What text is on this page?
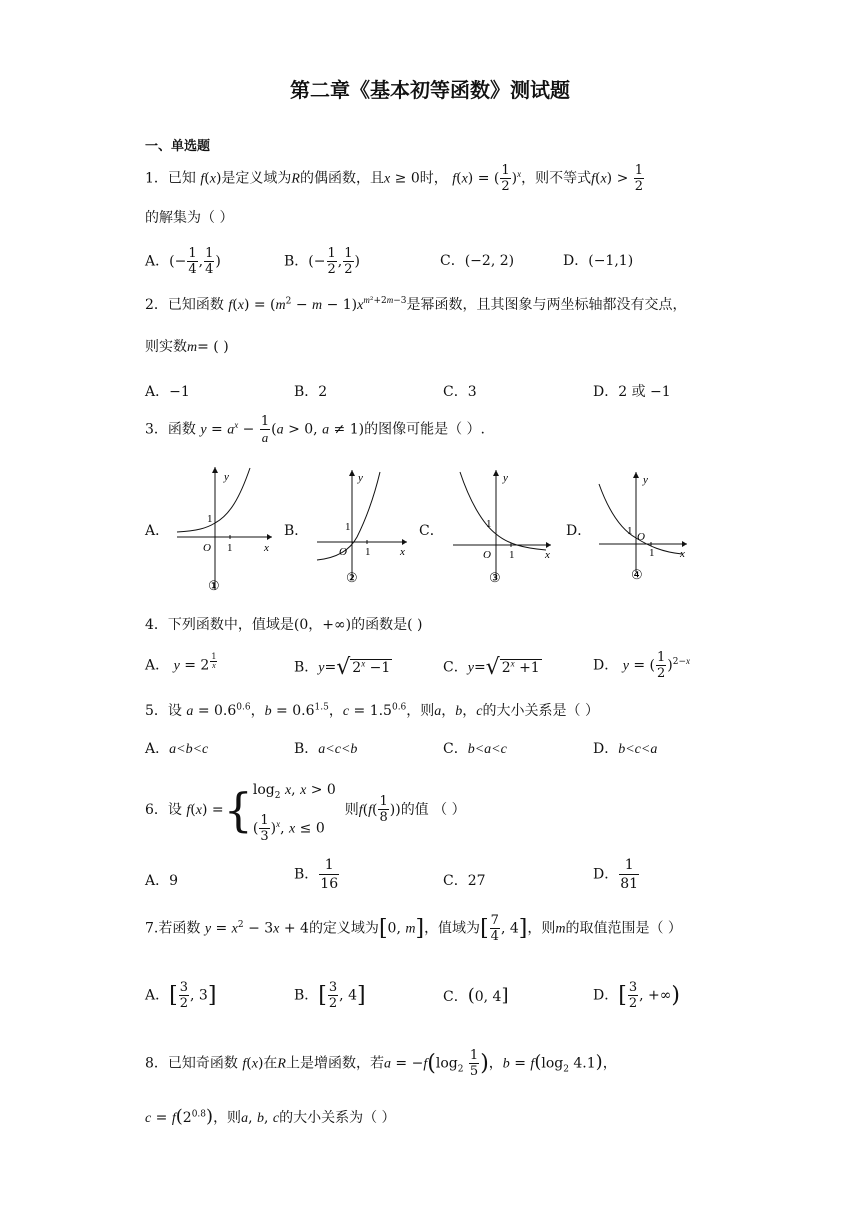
第二章《基本初等函数》测试题
一、单选题
1．已知 f(x)是定义域为R的偶函数，且x ≥ 0时， f(x) = ( $\frac{1}{2} )^x$，则不等式$f(x) > \frac{1}{2}$
的解集为（ ）
A．(− $\frac{1}{4}$ , $\frac{1}{4}$ )	B．(− $\frac{1}{2}$ , $\frac{1}{2}$ )	C．(−2, 2)	D．(−1,1)
2．已知函数 $f(x) = (m^2 - m - 1)x^{m^2+2m-3}$是幂函数，且其图象与两坐标轴都没有交点，
则实数m= ( )
A．−1	B．2	C．3	D．2 或 −1
3．函数 $y = a^x - \frac{1}{a} (a > 0$, a ≠ 1)的图像可能是（ ）.
A．	B．	C．	D．
y
x
O 1
1
①
y
x
O 1
1
②
y
x
O 1
1
③
y
x
O
1
1
④
4．下列函数中，值域是(0，+∞)的函数是( )
A． y = 2 $^{\frac{1}{x}}$	B．y=√ $2^x -1$	C．y=√ $2^x +1$	D． y = ( $\frac{1}{2} )^{2-x}$
5．设 $a = 0.6^{0.6}$，$b = 0.6^{1.5}$，$c = 1.5^{0.6}$，则a，b，c的大小关系是（ ）
A．a<b<c	B．a<c<b	C．b<a<c	D．b<c<a
6．设 $f(x) =\{\log_2$ x, x > 0
( $\frac{1}{3} )^x$, x ≤ 0  则$f(f( \frac{1}{8}$ ))的值 （ ）
A．9	B． $\frac{1}{16}$	C．27	D． $\frac{1}{81}$
7.若函数 $y = x^2 - 3x + 4$的定义域为[0, m]，值域为[ $\frac{7}{4}$ , 4]，则m的取值范围是（ ）
A．[ $\frac{3}{2}$ , 3]	B．[ $\frac{3}{2}$ , 4]	C．(0, 4]	D．[ $\frac{3}{2}$ , +∞)
8．已知奇函数 f(x)在R上是增函数，若$a = -f(\log_2 \frac{1}{5}$ )，$b = f(\log_2$ 4.1)，
$c = f(2^{0.8})$，则a, b, c的大小关系为（ ）
